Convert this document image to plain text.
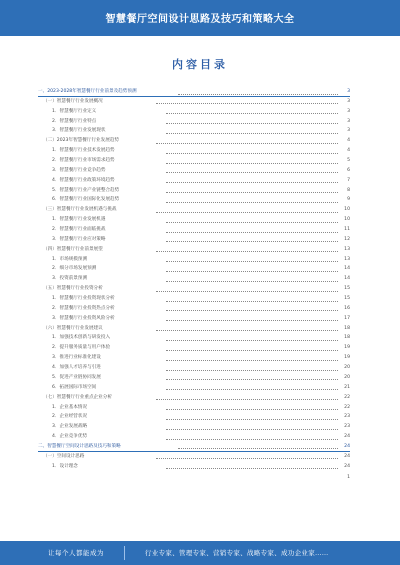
智慧餐厅空间设计思路及技巧和策略大全
内容目录
一、2023-2028年智慧餐厅行业前景及趋势预测	3
（一）智慧餐厅行业发展概况	3
1．智慧餐厅行业定义	3
2．智慧餐厅行业特点	3
3．智慧餐厅行业发展现状	3
（二）2023年智慧餐厅行业发展趋势	4
1．智慧餐厅行业技术发展趋势	4
2．智慧餐厅行业市场需求趋势	5
3．智慧餐厅行业竞争趋势	6
4．智慧餐厅行业政策环境趋势	7
5．智慧餐厅行业产业链整合趋势	8
6．智慧餐厅行业国际化发展趋势	9
（三）智慧餐厅行业发展机遇与挑战	10
1．智慧餐厅行业发展机遇	10
2．智慧餐厅行业面临挑战	11
3．智慧餐厅行业应对策略	12
（四）智慧餐厅行业前景展望	13
1．市场规模预测	13
2．细分市场发展预测	14
3．投资前景预测	14
（五）智慧餐厅行业投资分析	15
1．智慧餐厅行业投资现状分析	15
2．智慧餐厅行业投资热点分析	16
3．智慧餐厅行业投资风险分析	17
（六）智慧餐厅行业发展建议	18
1．加强技术创新与研发投入	18
2．提升服务质量与用户体验	19
3．推进行业标准化建设	19
4．加强人才培养与引进	20
5．促进产业链协同发展	20
6．拓展国际市场空间	21
（七）智慧餐厅行业重点企业分析	22
1．企业基本情况	22
2．企业经营状况	23
3．企业发展战略	23
4．企业竞争优势	24
二、智慧餐厅空间设计思路及技巧和策略	24
（一）空间设计思路	24
1．设计理念	24
1
让每个人都能成为	行业专家、管理专家、营销专家、战略专家、成功企业家……
